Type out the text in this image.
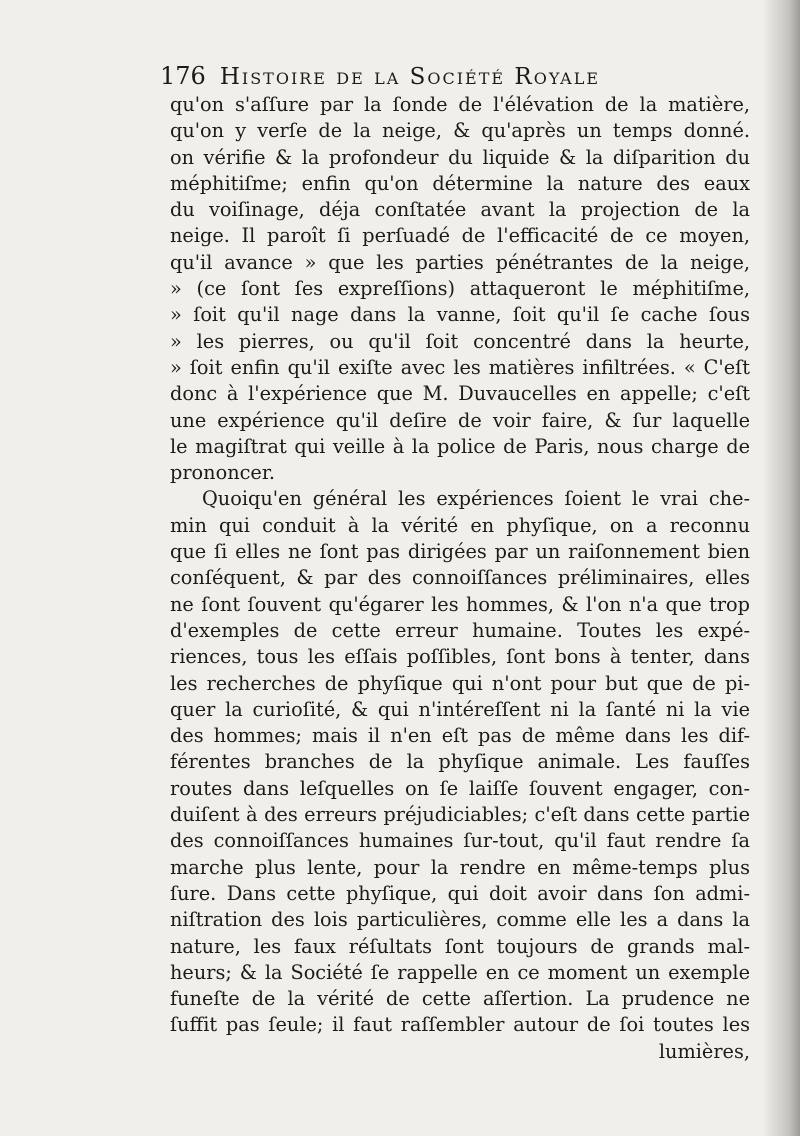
176 Histoire de la Société Royale
qu'on s'aſſure par la ſonde de l'élévation de la matière,
qu'on y verſe de la neige, & qu'après un temps donné.
on vérifie & la profondeur du liquide & la diſparition du
méphitiſme; enfin qu'on détermine la nature des eaux
du voiſinage, déja conſtatée avant la projection de la
neige. Il paroît ſi perſuadé de l'efficacité de ce moyen,
qu'il avance » que les parties pénétrantes de la neige,
» (ce ſont ſes expreſſions) attaqueront le méphitiſme,
» ſoit qu'il nage dans la vanne, ſoit qu'il ſe cache ſous
» les pierres, ou qu'il ſoit concentré dans la heurte,
» ſoit enfin qu'il exiſte avec les matières infiltrées. « C'eſt
donc à l'expérience que M. Duvaucelles en appelle; c'eſt
une expérience qu'il deſire de voir faire, & ſur laquelle
le magiſtrat qui veille à la police de Paris, nous charge de
prononcer.
Quoiqu'en général les expériences ſoient le vrai che-
min qui conduit à la vérité en phyſique, on a reconnu
que ſi elles ne ſont pas dirigées par un raiſonnement bien
conſéquent, & par des connoiſſances préliminaires, elles
ne ſont ſouvent qu'égarer les hommes, & l'on n'a que trop
d'exemples de cette erreur humaine. Toutes les expé-
riences, tous les eſſais poſſibles, ſont bons à tenter, dans
les recherches de phyſique qui n'ont pour but que de pi-
quer la curioſité, & qui n'intéreſſent ni la ſanté ni la vie
des hommes; mais il n'en eſt pas de même dans les dif-
férentes branches de la phyſique animale. Les fauſſes
routes dans leſquelles on ſe laiſſe ſouvent engager, con-
duiſent à des erreurs préjudiciables; c'eſt dans cette partie
des connoiſſances humaines ſur-tout, qu'il faut rendre ſa
marche plus lente, pour la rendre en même-temps plus
ſure. Dans cette phyſique, qui doit avoir dans ſon admi-
niſtration des lois particulières, comme elle les a dans la
nature, les faux réſultats ſont toujours de grands mal-
heurs; & la Société ſe rappelle en ce moment un exemple
funeſte de la vérité de cette aſſertion. La prudence ne
ſuffit pas ſeule; il faut raſſembler autour de ſoi toutes les
lumières,
